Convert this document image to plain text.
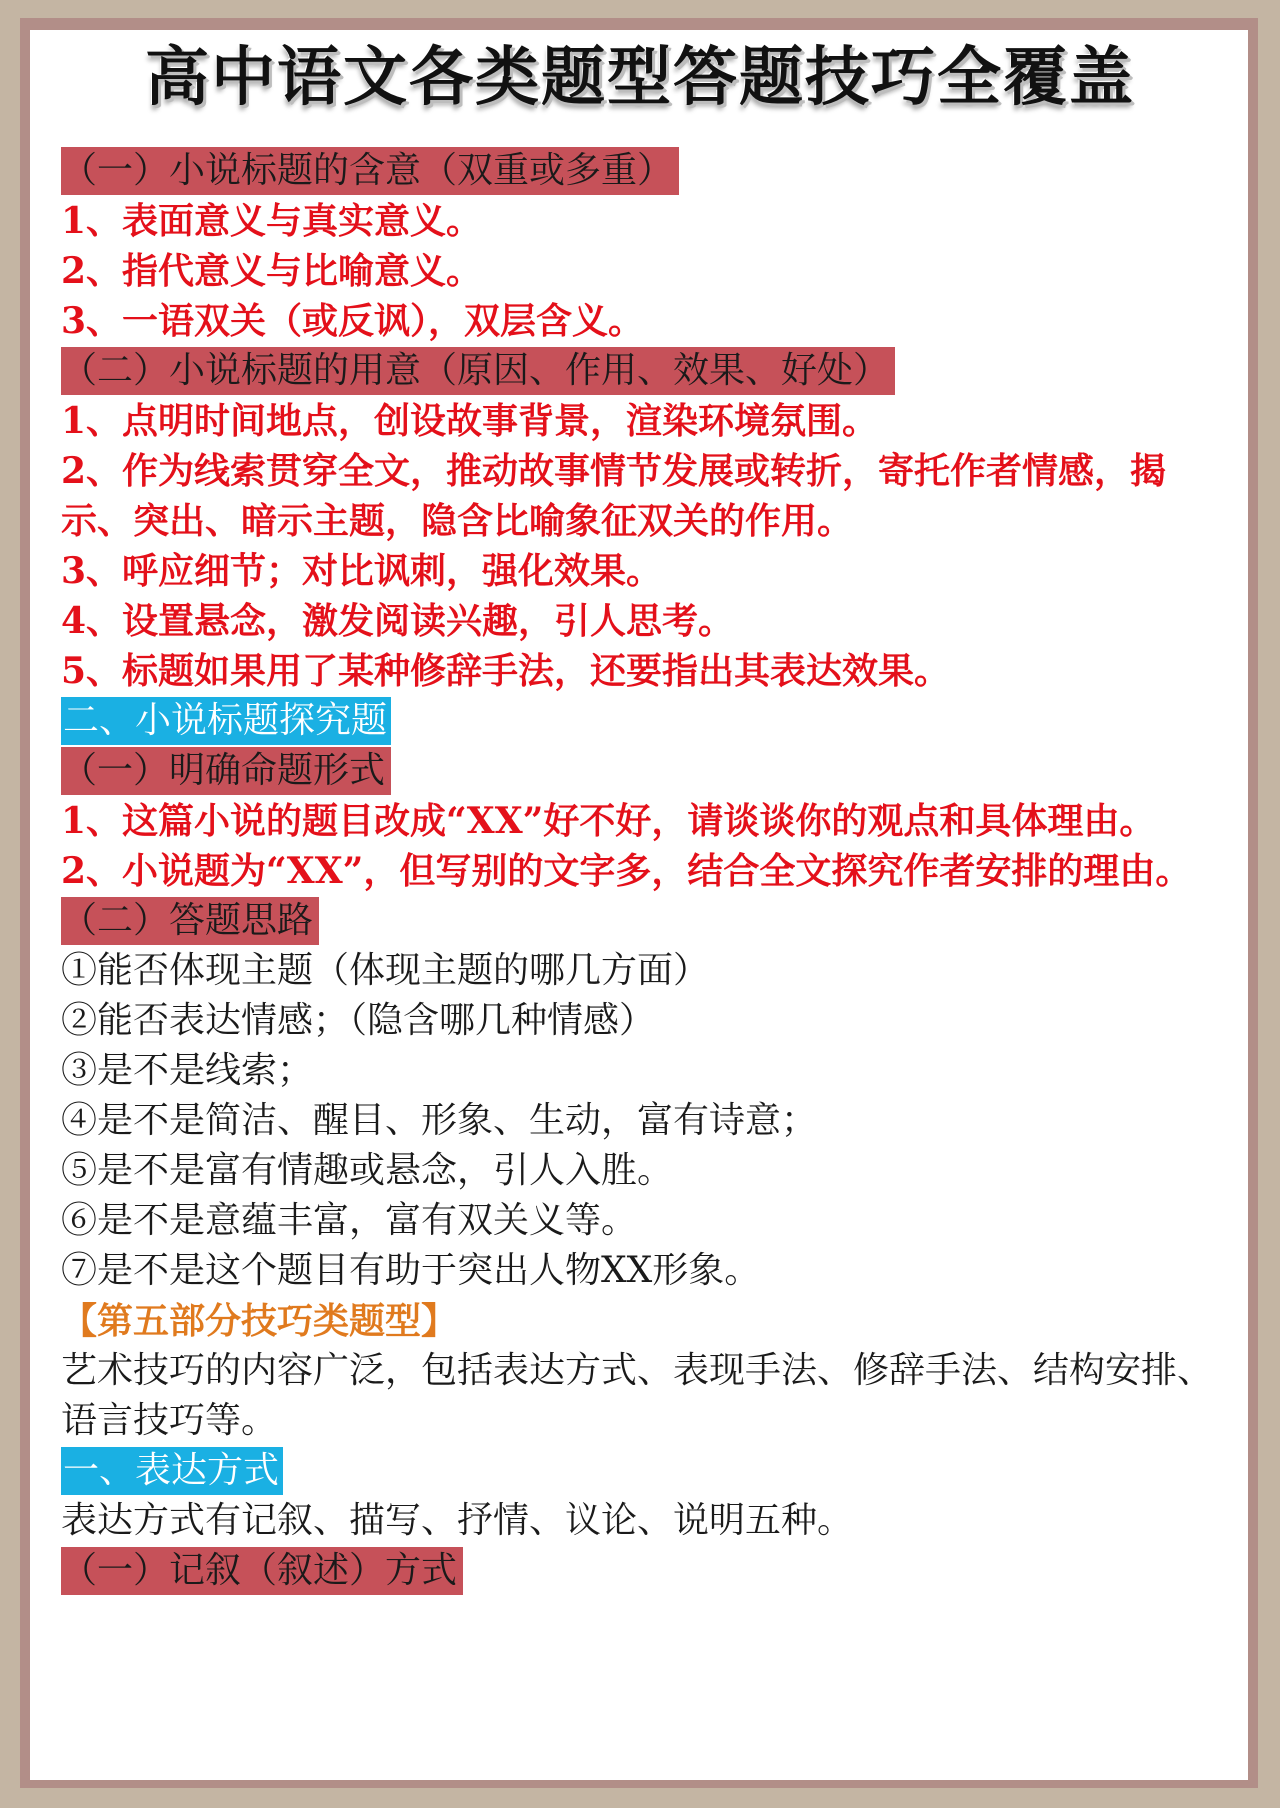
高中语文各类题型答题技巧全覆盖
（一）小说标题的含意（双重或多重）
1、表面意义与真实意义。
2、指代意义与比喻意义。
3、一语双关（或反讽），双层含义。
（二）小说标题的用意（原因、作用、效果、好处）
1、点明时间地点，创设故事背景，渲染环境氛围。
2、作为线索贯穿全文，推动故事情节发展或转折，寄托作者情感，揭示、突出、暗示主题，隐含比喻象征双关的作用。
3、呼应细节；对比讽刺，强化效果。
4、设置悬念，激发阅读兴趣，引人思考。
5、标题如果用了某种修辞手法，还要指出其表达效果。
二、小说标题探究题
（一）明确命题形式
1、这篇小说的题目改成“XX”好不好，请谈谈你的观点和具体理由。
2、小说题为“XX”，但写别的文字多，结合全文探究作者安排的理由。
（二）答题思路
①能否体现主题（体现主题的哪几方面）
②能否表达情感；（隐含哪几种情感）
③是不是线索；
④是不是简洁、醒目、形象、生动，富有诗意；
⑤是不是富有情趣或悬念，引人入胜。
⑥是不是意蕴丰富，富有双关义等。
⑦是不是这个题目有助于突出人物XX形象。
【第五部分技巧类题型】
艺术技巧的内容广泛，包括表达方式、表现手法、修辞手法、结构安排、语言技巧等。
一、表达方式
表达方式有记叙、描写、抒情、议论、说明五种。
（一）记叙（叙述）方式
